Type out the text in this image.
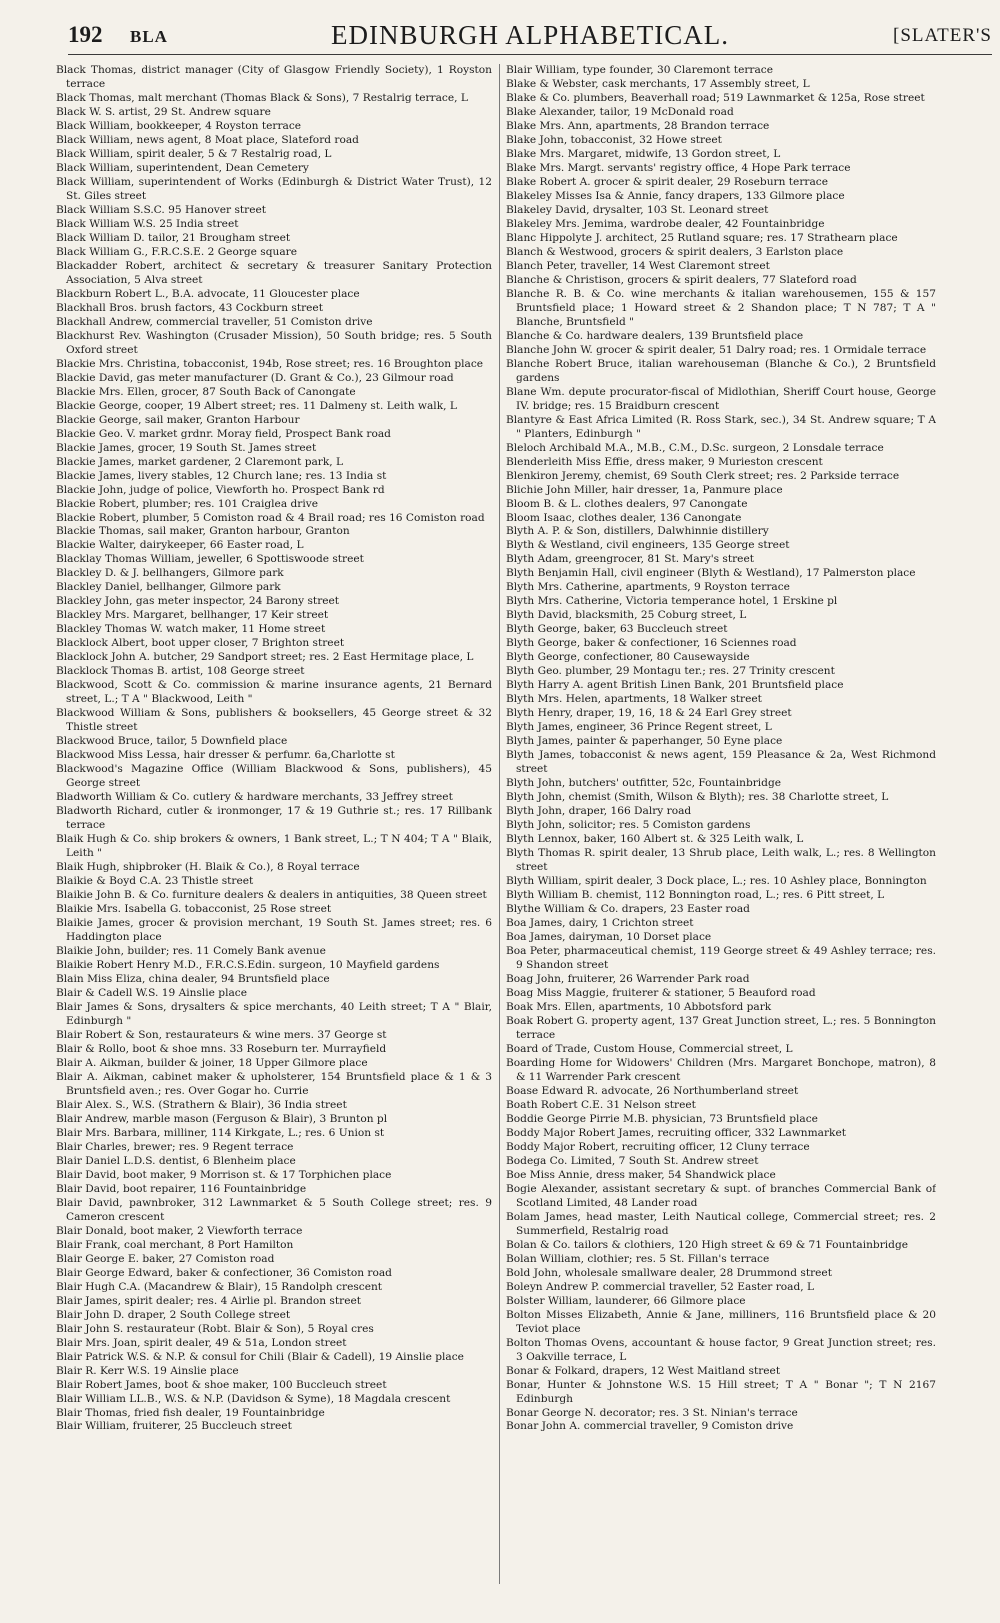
192 BLA	EDINBURGH ALPHABETICAL.	[SLATER'S
Black Thomas, district manager (City of Glasgow Friendly Society), 1 Royston terrace
Black Thomas, malt merchant (Thomas Black & Sons), 7 Restalrig terrace, L
Black W. S. artist, 29 St. Andrew square
Black William, bookkeeper, 4 Royston terrace
Black William, news agent, 8 Moat place, Slateford road
Black William, spirit dealer, 5 & 7 Restalrig road, L
Black William, superintendent, Dean Cemetery
Black William, superintendent of Works (Edinburgh & District Water Trust), 12 St. Giles street
Black William S.S.C. 95 Hanover street
Black William W.S. 25 India street
Black William D. tailor, 21 Brougham street
Black William G., F.R.C.S.E. 2 George square
Blackadder Robert, architect & secretary & treasurer Sanitary Protection Association, 5 Alva street
Blackburn Robert L., B.A. advocate, 11 Gloucester place
Blackhall Bros. brush factors, 43 Cockburn street
Blackhall Andrew, commercial traveller, 51 Comiston drive
Blackhurst Rev. Washington (Crusader Mission), 50 South bridge; res. 5 South Oxford street
Blackie Mrs. Christina, tobacconist, 194b, Rose street; res. 16 Broughton place
Blackie David, gas meter manufacturer (D. Grant & Co.), 23 Gilmour road
Blackie Mrs. Ellen, grocer, 87 South Back of Canongate
Blackie George, cooper, 19 Albert street; res. 11 Dalmeny st. Leith walk, L
Blackie George, sail maker, Granton Harbour
Blackie Geo. V. market grdnr. Moray field, Prospect Bank road
Blackie James, grocer, 19 South St. James street
Blackie James, market gardener, 2 Claremont park, L
Blackie James, livery stables, 12 Church lane; res. 13 India st
Blackie John, judge of police, Viewforth ho. Prospect Bank rd
Blackie Robert, plumber; res. 101 Craiglea drive
Blackie Robert, plumber, 5 Comiston road & 4 Brail road; res 16 Comiston road
Blackie Thomas, sail maker, Granton harbour, Granton
Blackie Walter, dairykeeper, 66 Easter road, L
Blacklay Thomas William, jeweller, 6 Spottiswoode street
Blackley D. & J. bellhangers, Gilmore park
Blackley Daniel, bellhanger, Gilmore park
Blackley John, gas meter inspector, 24 Barony street
Blackley Mrs. Margaret, bellhanger, 17 Keir street
Blackley Thomas W. watch maker, 11 Home street
Blacklock Albert, boot upper closer, 7 Brighton street
Blacklock John A. butcher, 29 Sandport street; res. 2 East Hermitage place, L
Blacklock Thomas B. artist, 108 George street
Blackwood, Scott & Co. commission & marine insurance agents, 21 Bernard street, L.; T A " Blackwood, Leith "
Blackwood William & Sons, publishers & booksellers, 45 George street & 32 Thistle street
Blackwood Bruce, tailor, 5 Downfield place
Blackwood Miss Lessa, hair dresser & perfumr. 6a,Charlotte st
Blackwood's Magazine Office (William Blackwood & Sons, publishers), 45 George street
Bladworth William & Co. cutlery & hardware merchants, 33 Jeffrey street
Bladworth Richard, cutler & ironmonger, 17 & 19 Guthrie st.; res. 17 Rillbank terrace
Blaik Hugh & Co. ship brokers & owners, 1 Bank street, L.; T N 404; T A " Blaik, Leith "
Blaik Hugh, shipbroker (H. Blaik & Co.), 8 Royal terrace
Blaikie & Boyd C.A. 23 Thistle street
Blaikie John B. & Co. furniture dealers & dealers in antiquities, 38 Queen street
Blaikie Mrs. Isabella G. tobacconist, 25 Rose street
Blaikie James, grocer & provision merchant, 19 South St. James street; res. 6 Haddington place
Blaikie John, builder; res. 11 Comely Bank avenue
Blaikie Robert Henry M.D., F.R.C.S.Edin. surgeon, 10 Mayfield gardens
Blain Miss Eliza, china dealer, 94 Bruntsfield place
Blair & Cadell W.S. 19 Ainslie place
Blair James & Sons, drysalters & spice merchants, 40 Leith street; T A " Blair, Edinburgh "
Blair Robert & Son, restaurateurs & wine mers. 37 George st
Blair & Rollo, boot & shoe mns. 33 Roseburn ter. Murrayfield
Blair A. Aikman, builder & joiner, 18 Upper Gilmore place
Blair A. Aikman, cabinet maker & upholsterer, 154 Bruntsfield place & 1 & 3 Bruntsfield aven.; res. Over Gogar ho. Currie
Blair Alex. S., W.S. (Strathern & Blair), 36 India street
Blair Andrew, marble mason (Ferguson & Blair), 3 Brunton pl
Blair Mrs. Barbara, milliner, 114 Kirkgate, L.; res. 6 Union st
Blair Charles, brewer; res. 9 Regent terrace
Blair Daniel L.D.S. dentist, 6 Blenheim place
Blair David, boot maker, 9 Morrison st. & 17 Torphichen place
Blair David, boot repairer, 116 Fountainbridge
Blair David, pawnbroker, 312 Lawnmarket & 5 South College street; res. 9 Cameron crescent
Blair Donald, boot maker, 2 Viewforth terrace
Blair Frank, coal merchant, 8 Port Hamilton
Blair George E. baker, 27 Comiston road
Blair George Edward, baker & confectioner, 36 Comiston road
Blair Hugh C.A. (Macandrew & Blair), 15 Randolph crescent
Blair James, spirit dealer; res. 4 Airlie pl. Brandon street
Blair John D. draper, 2 South College street
Blair John S. restaurateur (Robt. Blair & Son), 5 Royal cres
Blair Mrs. Joan, spirit dealer, 49 & 51a, London street
Blair Patrick W.S. & N.P. & consul for Chili (Blair & Cadell), 19 Ainslie place
Blair R. Kerr W.S. 19 Ainslie place
Blair Robert James, boot & shoe maker, 100 Buccleuch street
Blair William LL.B., W.S. & N.P. (Davidson & Syme), 18 Magdala crescent
Blair Thomas, fried fish dealer, 19 Fountainbridge
Blair William, fruiterer, 25 Buccleuch street
Blair William, type founder, 30 Claremont terrace
Blake & Webster, cask merchants, 17 Assembly street, L
Blake & Co. plumbers, Beaverhall road; 519 Lawnmarket & 125a, Rose street
Blake Alexander, tailor, 19 McDonald road
Blake Mrs. Ann, apartments, 28 Brandon terrace
Blake John, tobacconist, 32 Howe street
Blake Mrs. Margaret, midwife, 13 Gordon street, L
Blake Mrs. Margt. servants' registry office, 4 Hope Park terrace
Blake Robert A. grocer & spirit dealer, 29 Roseburn terrace
Blakeley Misses Isa & Annie, fancy drapers, 133 Gilmore place
Blakeley David, drysalter, 103 St. Leonard street
Blakeley Mrs. Jemima, wardrobe dealer, 42 Fountainbridge
Blanc Hippolyte J. architect, 25 Rutland square; res. 17 Strathearn place
Blanch & Westwood, grocers & spirit dealers, 3 Earlston place
Blanch Peter, traveller, 14 West Claremont street
Blanche & Christison, grocers & spirit dealers, 77 Slateford road
Blanche R. B. & Co. wine merchants & italian warehousemen, 155 & 157 Bruntsfield place; 1 Howard street & 2 Shandon place; T N 787; T A " Blanche, Bruntsfield "
Blanche & Co. hardware dealers, 139 Bruntsfield place
Blanche John W. grocer & spirit dealer, 51 Dalry road; res. 1 Ormidale terrace
Blanche Robert Bruce, italian warehouseman (Blanche & Co.), 2 Bruntsfield gardens
Blane Wm. depute procurator-fiscal of Midlothian, Sheriff Court house, George IV. bridge; res. 15 Braidburn crescent
Blantyre & East Africa Limited (R. Ross Stark, sec.), 34 St. Andrew square; T A " Planters, Edinburgh "
Bleloch Archibald M.A., M.B., C.M., D.Sc. surgeon, 2 Lonsdale terrace
Blenderleith Miss Effie, dress maker, 9 Murieston crescent
Blenkiron Jeremy, chemist, 69 South Clerk street; res. 2 Parkside terrace
Blichie John Miller, hair dresser, 1a, Panmure place
Bloom B. & L. clothes dealers, 97 Canongate
Bloom Isaac, clothes dealer, 136 Canongate
Blyth A. P. & Son, distillers, Dalwhinnie distillery
Blyth & Westland, civil engineers, 135 George street
Blyth Adam, greengrocer, 81 St. Mary's street
Blyth Benjamin Hall, civil engineer (Blyth & Westland), 17 Palmerston place
Blyth Mrs. Catherine, apartments, 9 Royston terrace
Blyth Mrs. Catherine, Victoria temperance hotel, 1 Erskine pl
Blyth David, blacksmith, 25 Coburg street, L
Blyth George, baker, 63 Buccleuch street
Blyth George, baker & confectioner, 16 Sciennes road
Blyth George, confectioner, 80 Causewayside
Blyth Geo. plumber, 29 Montagu ter.; res. 27 Trinity crescent
Blyth Harry A. agent British Linen Bank, 201 Bruntsfield place
Blyth Mrs. Helen, apartments, 18 Walker street
Blyth Henry, draper, 19, 16, 18 & 24 Earl Grey street
Blyth James, engineer, 36 Prince Regent street, L
Blyth James, painter & paperhanger, 50 Eyne place
Blyth James, tobacconist & news agent, 159 Pleasance & 2a, West Richmond street
Blyth John, butchers' outfitter, 52c, Fountainbridge
Blyth John, chemist (Smith, Wilson & Blyth); res. 38 Charlotte street, L
Blyth John, draper, 166 Dalry road
Blyth John, solicitor; res. 5 Comiston gardens
Blyth Lennox, baker, 160 Albert st. & 325 Leith walk, L
Blyth Thomas R. spirit dealer, 13 Shrub place, Leith walk, L.; res. 8 Wellington street
Blyth William, spirit dealer, 3 Dock place, L.; res. 10 Ashley place, Bonnington
Blyth William B. chemist, 112 Bonnington road, L.; res. 6 Pitt street, L
Blythe William & Co. drapers, 23 Easter road
Boa James, dairy, 1 Crichton street
Boa James, dairyman, 10 Dorset place
Boa Peter, pharmaceutical chemist, 119 George street & 49 Ashley terrace; res. 9 Shandon street
Boag John, fruiterer, 26 Warrender Park road
Boag Miss Maggie, fruiterer & stationer, 5 Beauford road
Boak Mrs. Ellen, apartments, 10 Abbotsford park
Boak Robert G. property agent, 137 Great Junction street, L.; res. 5 Bonnington terrace
Board of Trade, Custom House, Commercial street, L
Boarding Home for Widowers' Children (Mrs. Margaret Bonchope, matron), 8 & 11 Warrender Park crescent
Boase Edward R. advocate, 26 Northumberland street
Boath Robert C.E. 31 Nelson street
Boddie George Pirrie M.B. physician, 73 Bruntsfield place
Boddy Major Robert James, recruiting officer, 332 Lawnmarket
Boddy Major Robert, recruiting officer, 12 Cluny terrace
Bodega Co. Limited, 7 South St. Andrew street
Boe Miss Annie, dress maker, 54 Shandwick place
Bogie Alexander, assistant secretary & supt. of branches Commercial Bank of Scotland Limited, 48 Lander road
Bolam James, head master, Leith Nautical college, Commercial street; res. 2 Summerfield, Restalrig road
Bolan & Co. tailors & clothiers, 120 High street & 69 & 71 Fountainbridge
Bolan William, clothier; res. 5 St. Fillan's terrace
Bold John, wholesale smallware dealer, 28 Drummond street
Boleyn Andrew P. commercial traveller, 52 Easter road, L
Bolster William, launderer, 66 Gilmore place
Bolton Misses Elizabeth, Annie & Jane, milliners, 116 Bruntsfield place & 20 Teviot place
Bolton Thomas Ovens, accountant & house factor, 9 Great Junction street; res. 3 Oakville terrace, L
Bonar & Folkard, drapers, 12 West Maitland street
Bonar, Hunter & Johnstone W.S. 15 Hill street; T A " Bonar "; T N 2167 Edinburgh
Bonar George N. decorator; res. 3 St. Ninian's terrace
Bonar John A. commercial traveller, 9 Comiston drive
